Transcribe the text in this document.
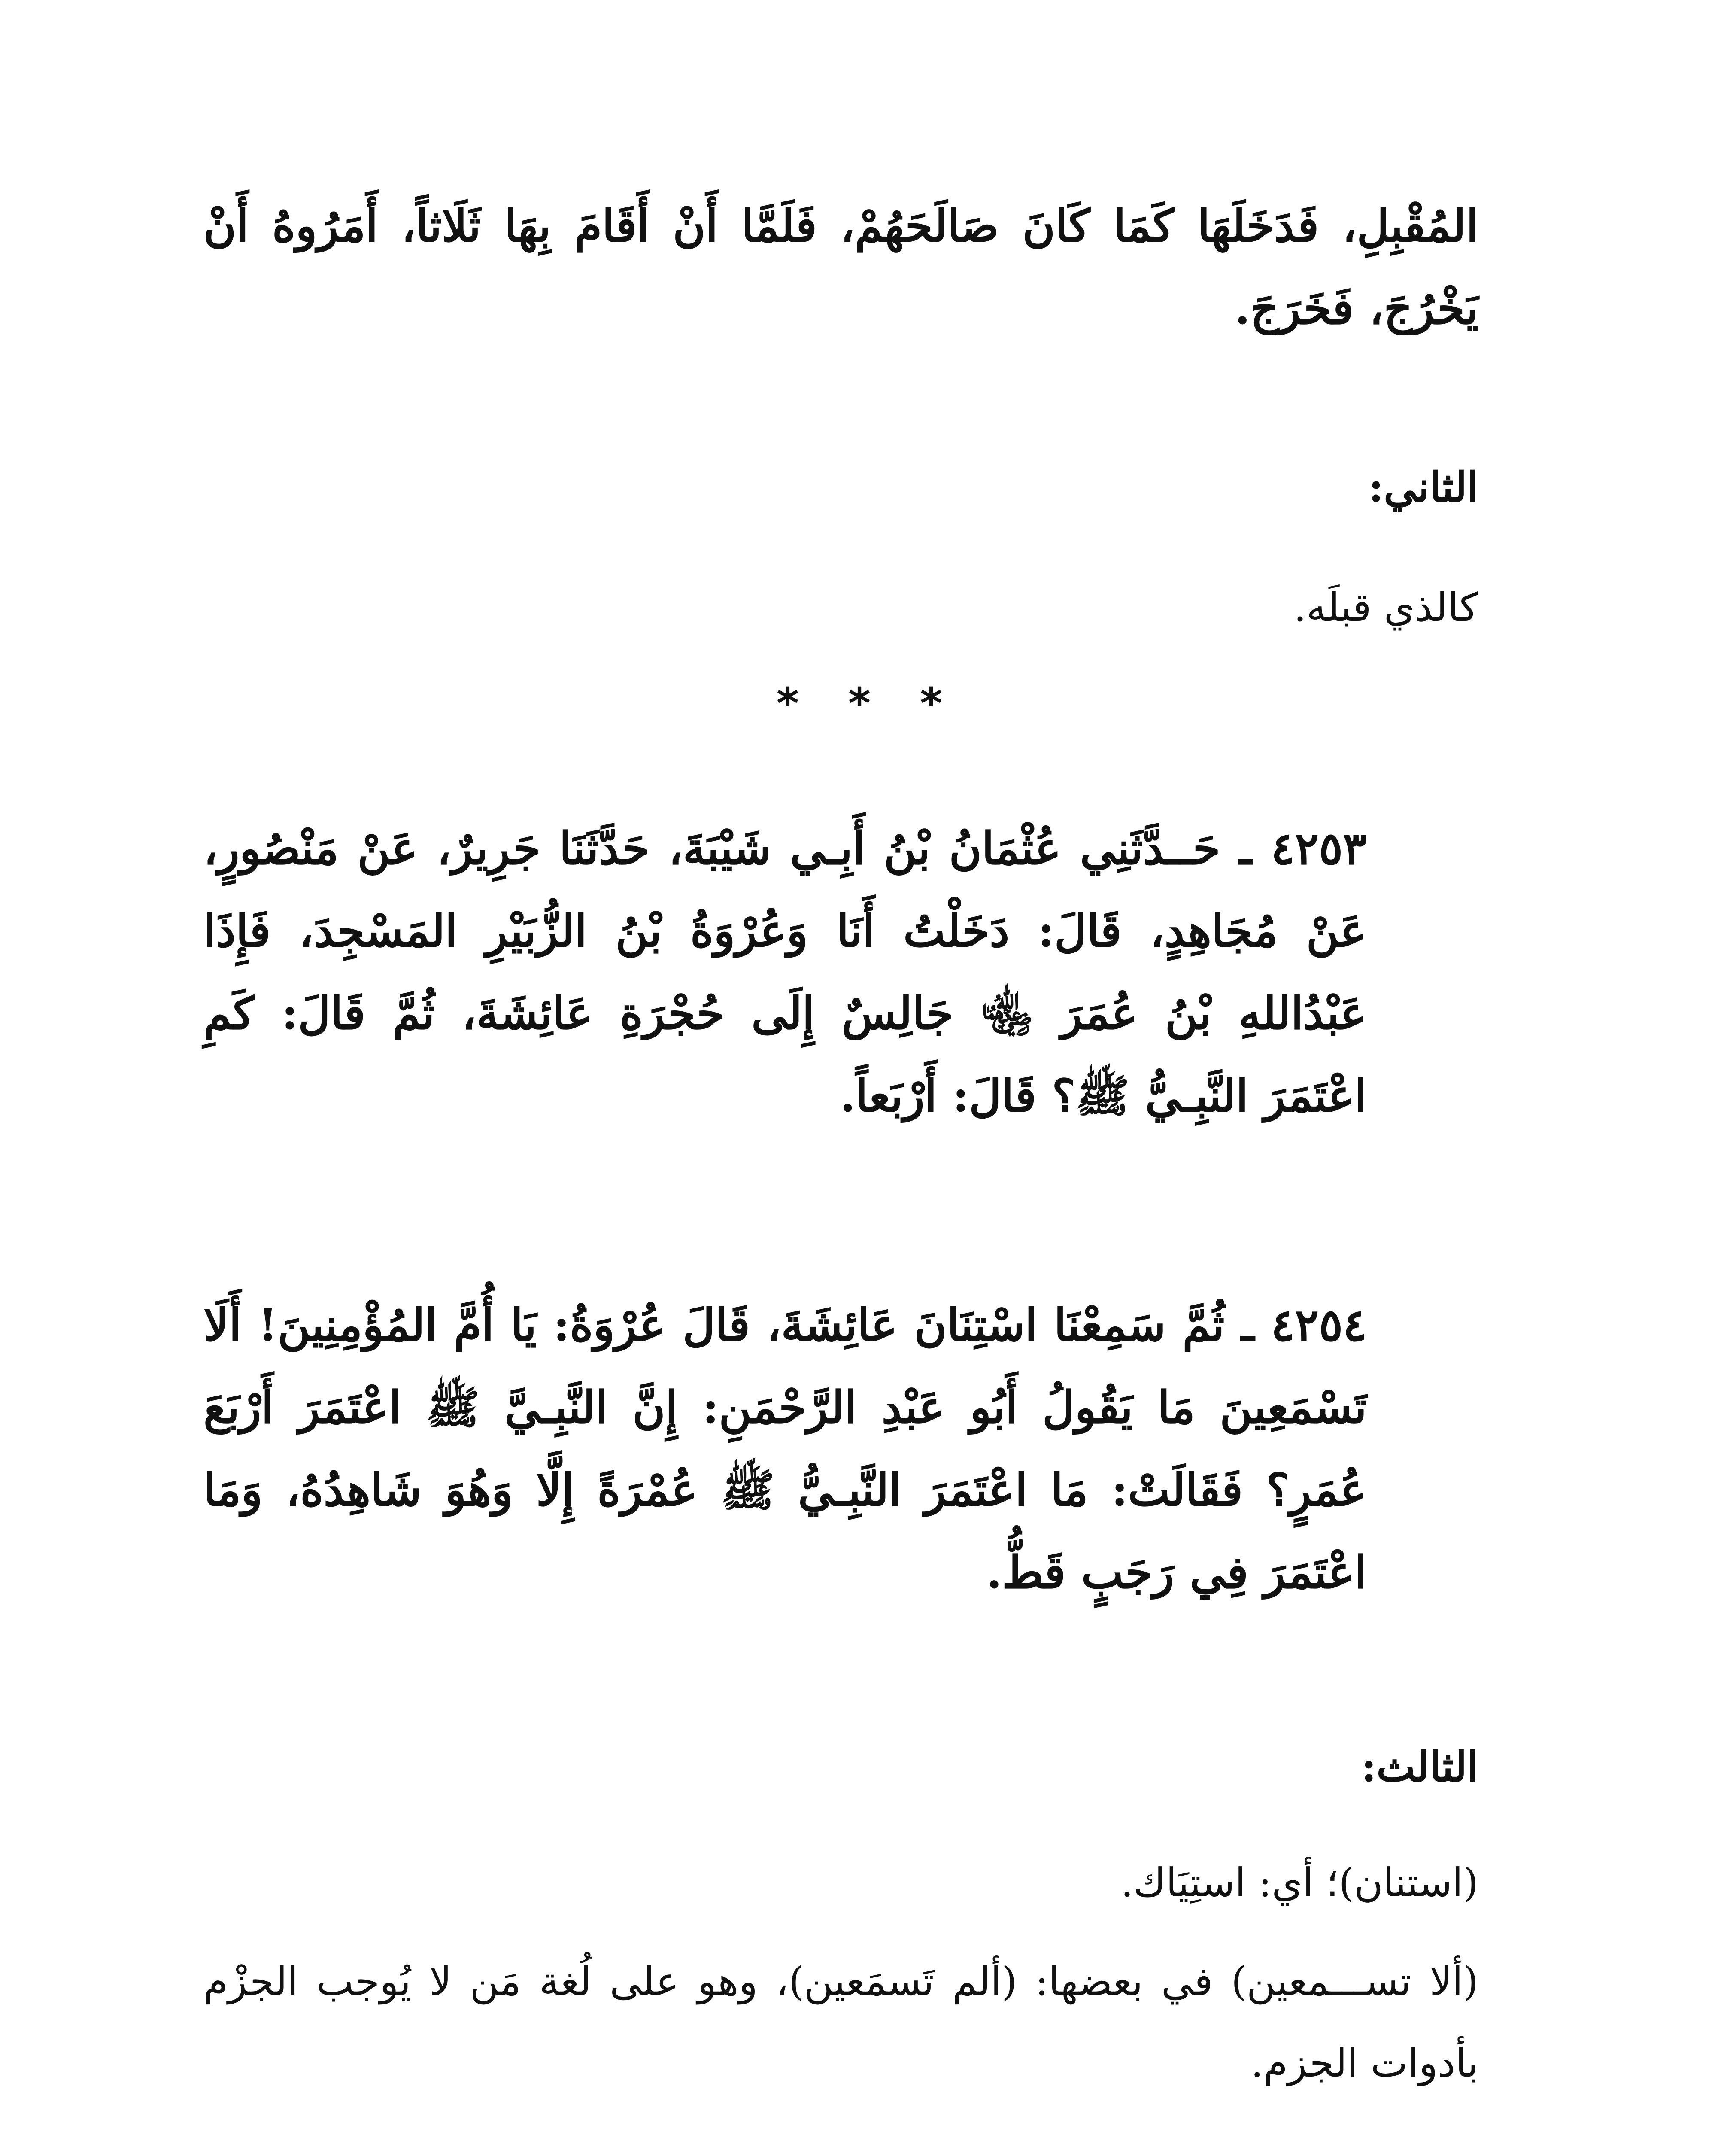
المُقْبِلِ، فَدَخَلَهَا كَمَا كَانَ صَالَحَهُمْ، فَلَمَّا أَنْ أَقَامَ بِهَا ثَلَاثاً، أَمَرُوهُ أَنْ يَخْرُجَ، فَخَرَجَ.

الثاني:

كالذي قبلَه.

* * *

٤٢٥٣ ـ حَــدَّثَنِي عُثْمَانُ بْنُ أَبِـي شَيْبَةَ، حَدَّثَنَا جَرِيرٌ، عَنْ مَنْصُورٍ، عَنْ مُجَاهِدٍ، قَالَ: دَخَلْتُ أَنَا وَعُرْوَةُ بْنُ الزُّبَيْرِ المَسْجِدَ، فَإِذَا عَبْدُاللهِ بْنُ عُمَرَ ﵄ جَالِسٌ إِلَى حُجْرَةِ عَائِشَةَ، ثُمَّ قَالَ: كَمِ اعْتَمَرَ النَّبِـيُّ ﷺ؟ قَالَ: أَرْبَعاً.

٤٢٥٤ ـ ثُمَّ سَمِعْنَا اسْتِنَانَ عَائِشَةَ، قَالَ عُرْوَةُ: يَا أُمَّ المُؤْمِنِينَ! أَلَا تَسْمَعِينَ مَا يَقُولُ أَبُو عَبْدِ الرَّحْمَنِ: إِنَّ النَّبِـيَّ ﷺ اعْتَمَرَ أَرْبَعَ عُمَرٍ؟ فَقَالَتْ: مَا اعْتَمَرَ النَّبِـيُّ ﷺ عُمْرَةً إِلَّا وَهُوَ شَاهِدُهُ، وَمَا اعْتَمَرَ فِي رَجَبٍ قَطُّ.

الثالث:

(استنان)؛ أي: استِيَاك.

(ألا تســـمعين) في بعضها: (ألم تَسمَعين)، وهو على لُغة مَن لا يُوجب الجزْم بأدوات الجزم.
